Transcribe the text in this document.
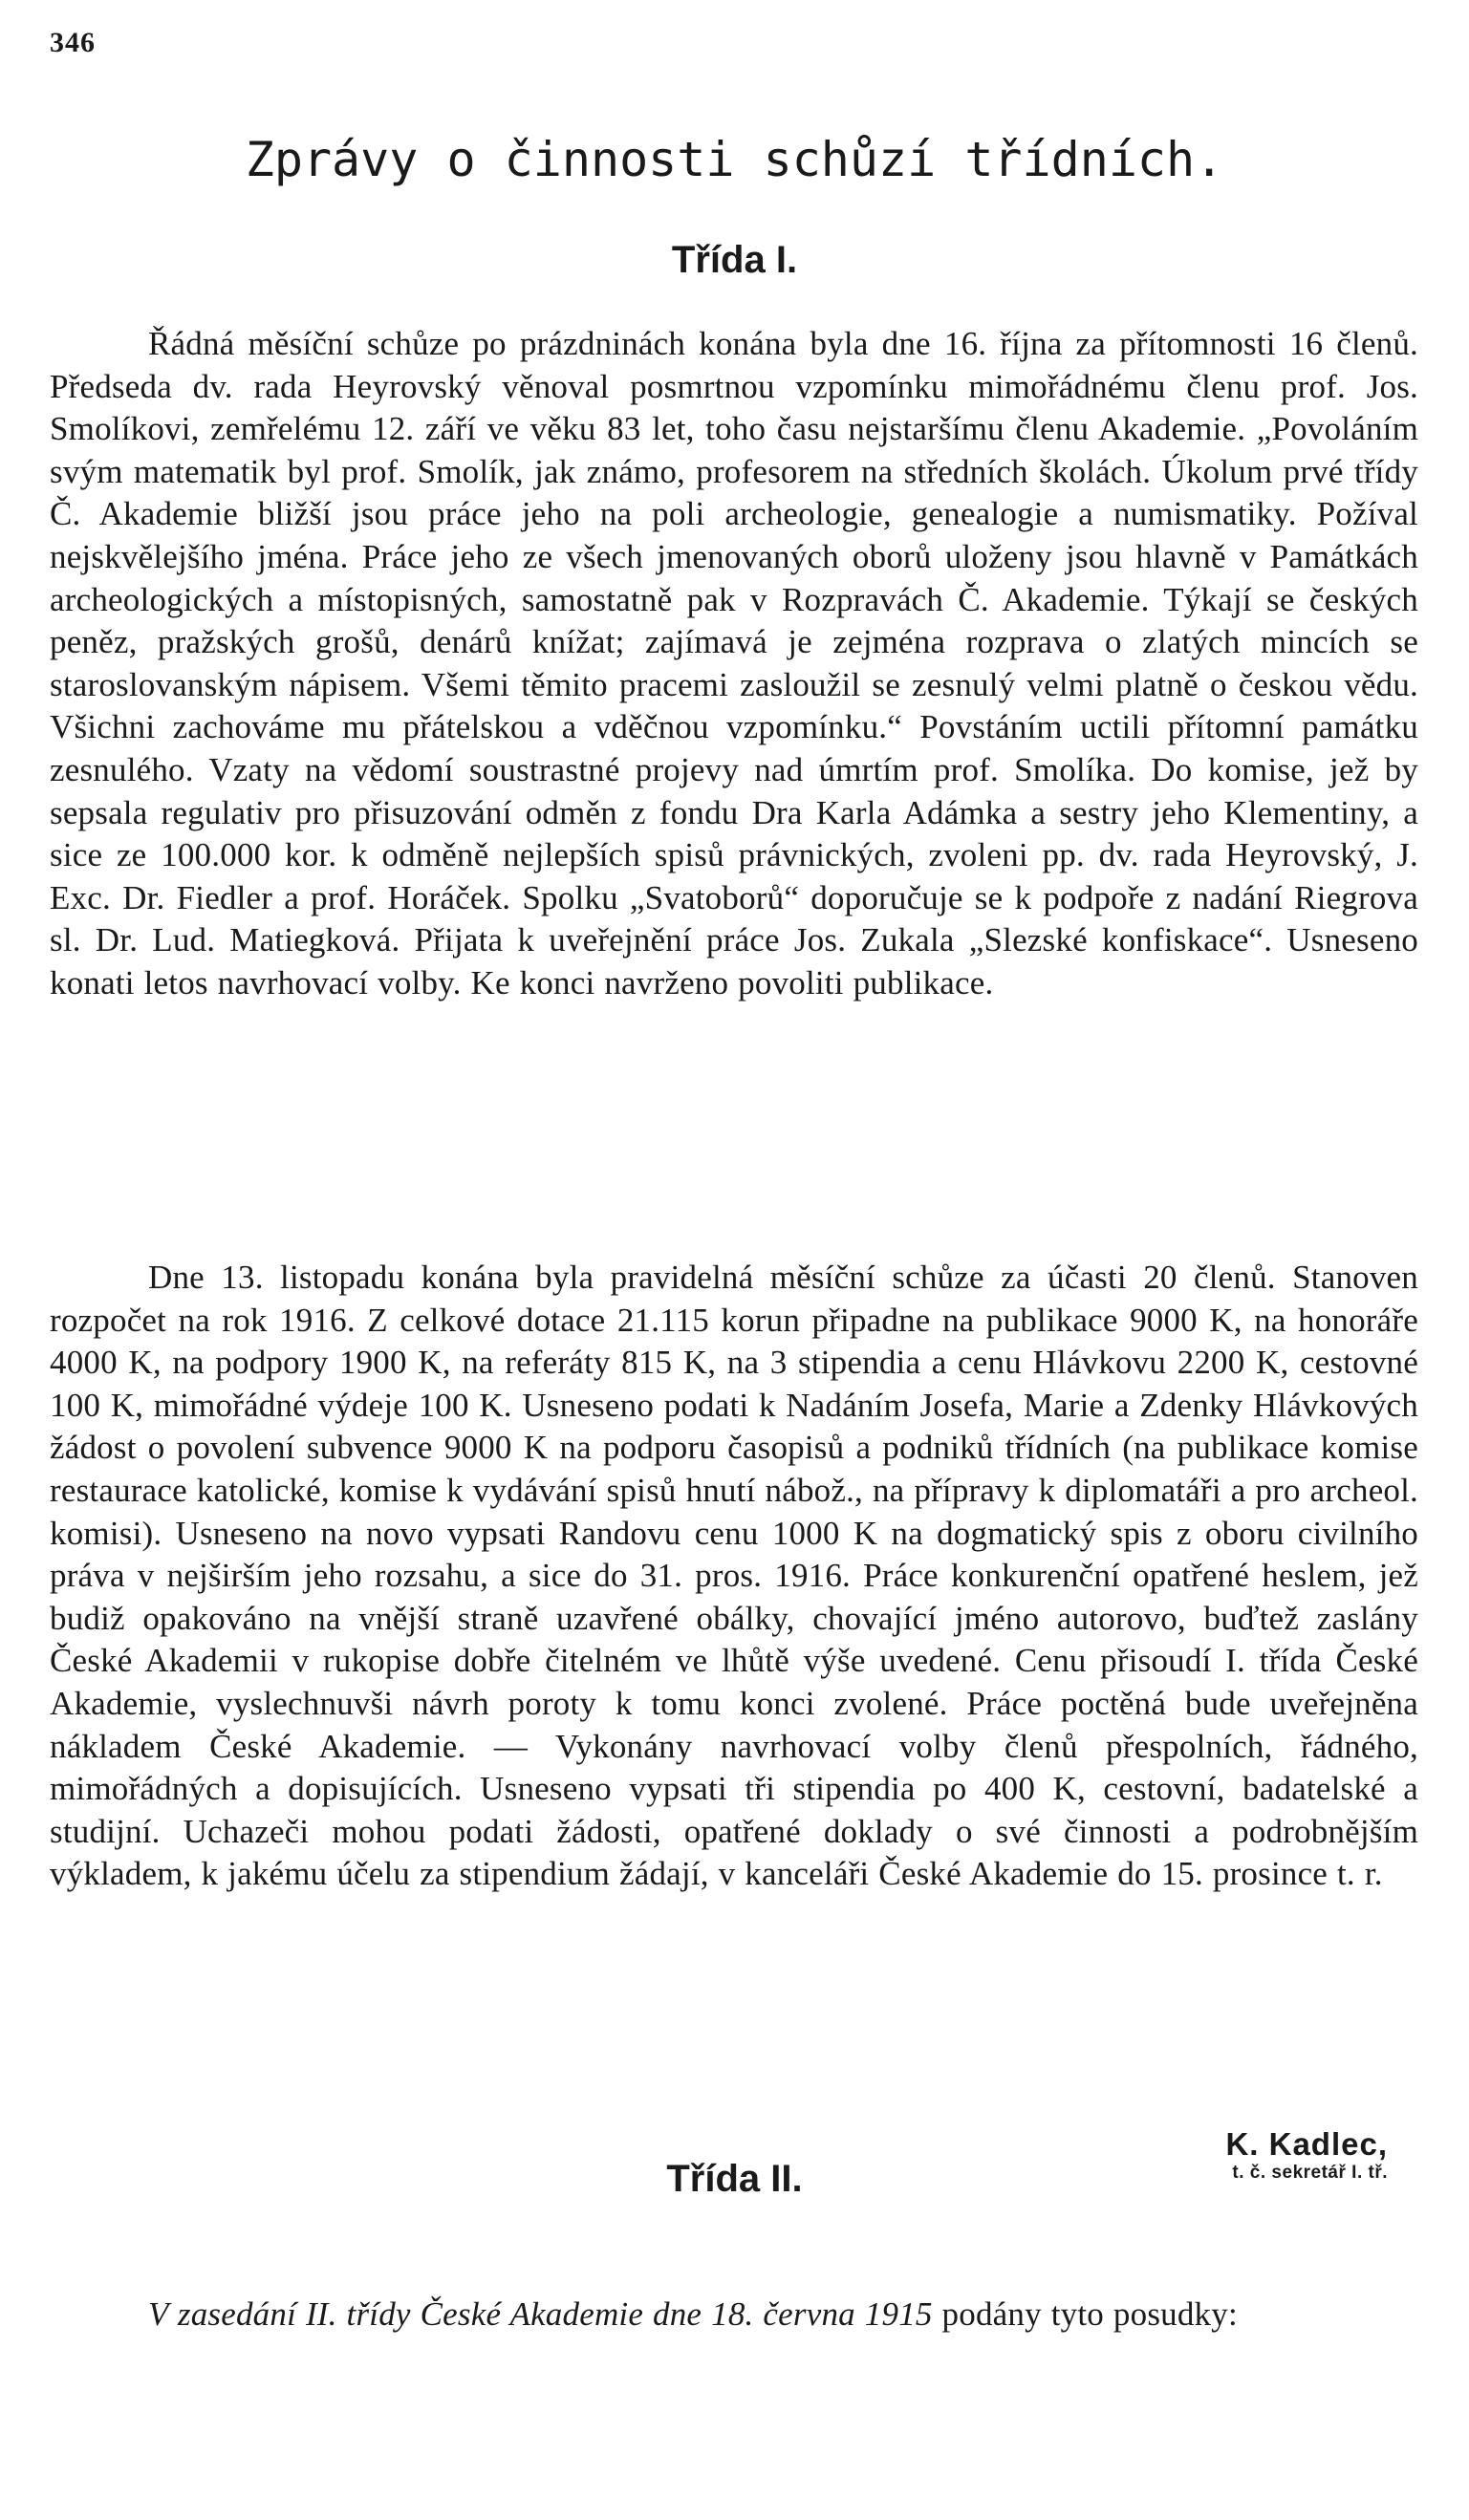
346
Zprávy o činnosti schůzí třídních.
Třída I.

Řádná měsíční schůze po prázdninách konána byla dne 16. října za přítomnosti 16 členů. Předseda dv. rada Heyrovský věnoval posmrtnou vzpomínku mimořádnému členu prof. Jos. Smolíkovi, zemřelému 12. září ve věku 83 let, toho času nejstaršímu členu Akademie. „Povoláním svým matematik byl prof. Smolík, jak známo, profesorem na středních školách. Úkolum prvé třídy Č. Akademie bližší jsou práce jeho na poli archeologie, genealogie a numismatiky. Požíval nejskvělejšího jména. Práce jeho ze všech jmenovaných oborů uloženy jsou hlavně v Památkách archeologických a místopisných, samostatně pak v Rozpravách Č. Akademie. Týkají se českých peněz, pražských grošů, denárů knížat; zajímavá je zejména rozprava o zlatých mincích se staroslovanským nápisem. Všemi těmito pracemi zasloužil se zesnulý velmi platně o českou vědu. Všichni zachováme mu přátelskou a vděčnou vzpomínku.“ Povstáním uctili přítomní památku zesnulého. Vzaty na vědomí soustrastné projevy nad úmrtím prof. Smolíka. Do komise, jež by sepsala regulativ pro přisuzování odměn z fondu Dra Karla Adámka a sestry jeho Klementiny, a sice ze 100.000 kor. k odměně nejlepších spisů právnických, zvoleni pp. dv. rada Heyrovský, J. Exc. Dr. Fiedler a prof. Horáček. Spolku „Svatoborů“ doporučuje se k podpoře z nadání Riegrova sl. Dr. Lud. Matiegková. Přijata k uveřejnění práce Jos. Zukala „Slezské konfiskace“. Usneseno konati letos navrhovací volby. Ke konci navrženo povoliti publikace.

Dne 13. listopadu konána byla pravidelná měsíční schůze za účasti 20 členů. Stanoven rozpočet na rok 1916. Z celkové dotace 21.115 korun připadne na publikace 9000 K, na honoráře 4000 K, na podpory 1900 K, na referáty 815 K, na 3 stipendia a cenu Hlávkovu 2200 K, cestovné 100 K, mimořádné výdeje 100 K. Usneseno podati k Nadáním Josefa, Marie a Zdenky Hlávkových žádost o povolení subvence 9000 K na podporu časopisů a podniků třídních (na publikace komise restaurace katolické, komise k vydávání spisů hnutí nábož., na přípravy k diplomatáři a pro archeol. komisi). Usneseno na novo vypsati Randovu cenu 1000 K na dogmatický spis z oboru civilního práva v nejširším jeho rozsahu, a sice do 31. pros. 1916. Práce konkurenční opatřené heslem, jež budiž opakováno na vnější straně uzavřené obálky, chovající jméno autorovo, buďtež zaslány České Akademii v rukopise dobře čitelném ve lhůtě výše uvedené. Cenu přisoudí I. třída České Akademie, vyslechnuvši návrh poroty k tomu konci zvolené. Práce poctěná bude uveřejněna nákladem České Akademie. — Vykonány navrhovací volby členů přespolních, řádného, mimořádných a dopisujících. Usneseno vypsati tři stipendia po 400 K, cestovní, badatelské a studijní. Uchazeči mohou podati žádosti, opatřené doklady o své činnosti a podrobnějším výkladem, k jakému účelu za stipendium žádají, v kanceláři České Akademie do 15. prosince t. r.

K. Kadlec,
t. č. sekretář I. tř.
Třída II.

V zasedání II. třídy České Akademie dne 18. června 1915 podány tyto posudky:
